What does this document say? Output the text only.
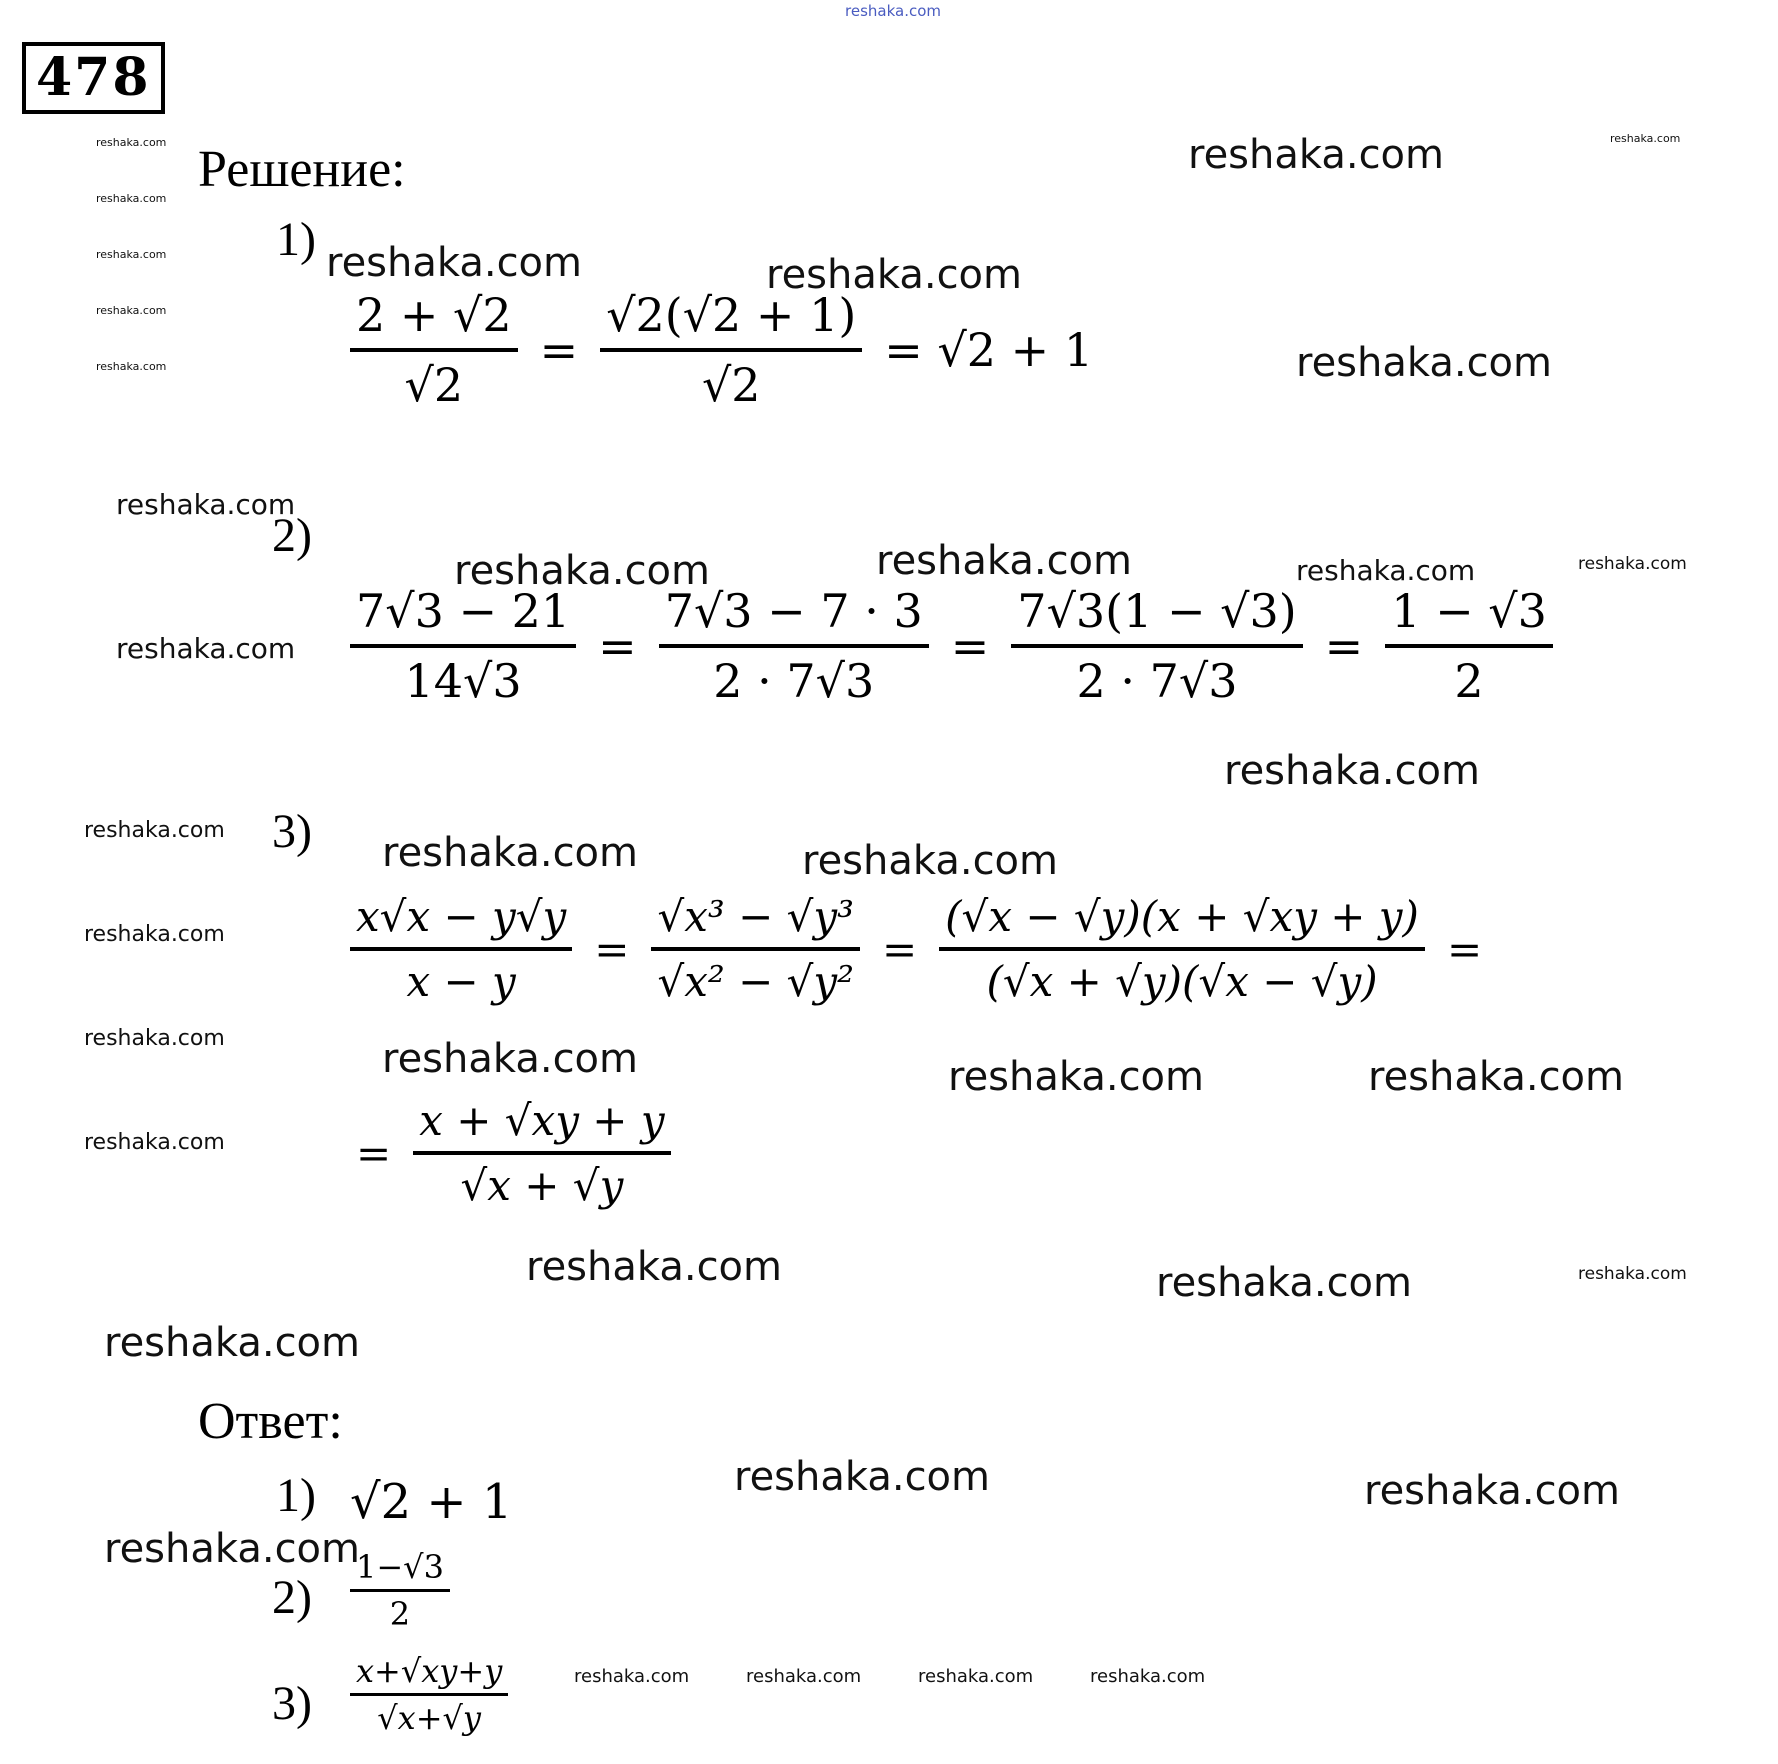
reshaka.com
reshaka.com
reshaka.com
reshaka.com
reshaka.com
reshaka.com
reshaka.com
reshaka.com
reshaka.com	reshaka.com
reshaka.com
reshaka.com
reshaka.com	reshaka.com	reshaka.com	reshaka.com
reshaka.com
reshaka.com
reshaka.com	reshaka.com	reshaka.com
reshaka.com
reshaka.com	reshaka.com	reshaka.com	reshaka.com
reshaka.com
reshaka.com	reshaka.com	reshaka.com
reshaka.com
reshaka.com	reshaka.com
reshaka.com
reshaka.com	reshaka.com	reshaka.com	reshaka.com
478
Решение:
1)
$\frac{2 + √2}{√2} = \frac{√2(√2 + 1)}{√2} = √2 + 1$
2)
$\frac{7√3 - 21}{14√3} = \frac{7√3 - 7 \cdot 3}{2 \cdot 7√3} = \frac{7√3(1 - √3)}{2 \cdot 7√3} = \frac{1 - √3}{2}$
3)
$\frac{x√x - y√y}{x - y} = \frac{\text{√x³ − √y³}}{\text{√x² − √y²}} = \frac{(√x - √y)(x + √xy + y)}{(√x + √y)(√x - √y)}$ =
= $\frac{x + √xy + y}{√x + √y}$
Ответ:
1) √2 + 1
$2) \frac{1-√3}{2}$
$3) \frac{x+√xy+y}{√x+√y}$
